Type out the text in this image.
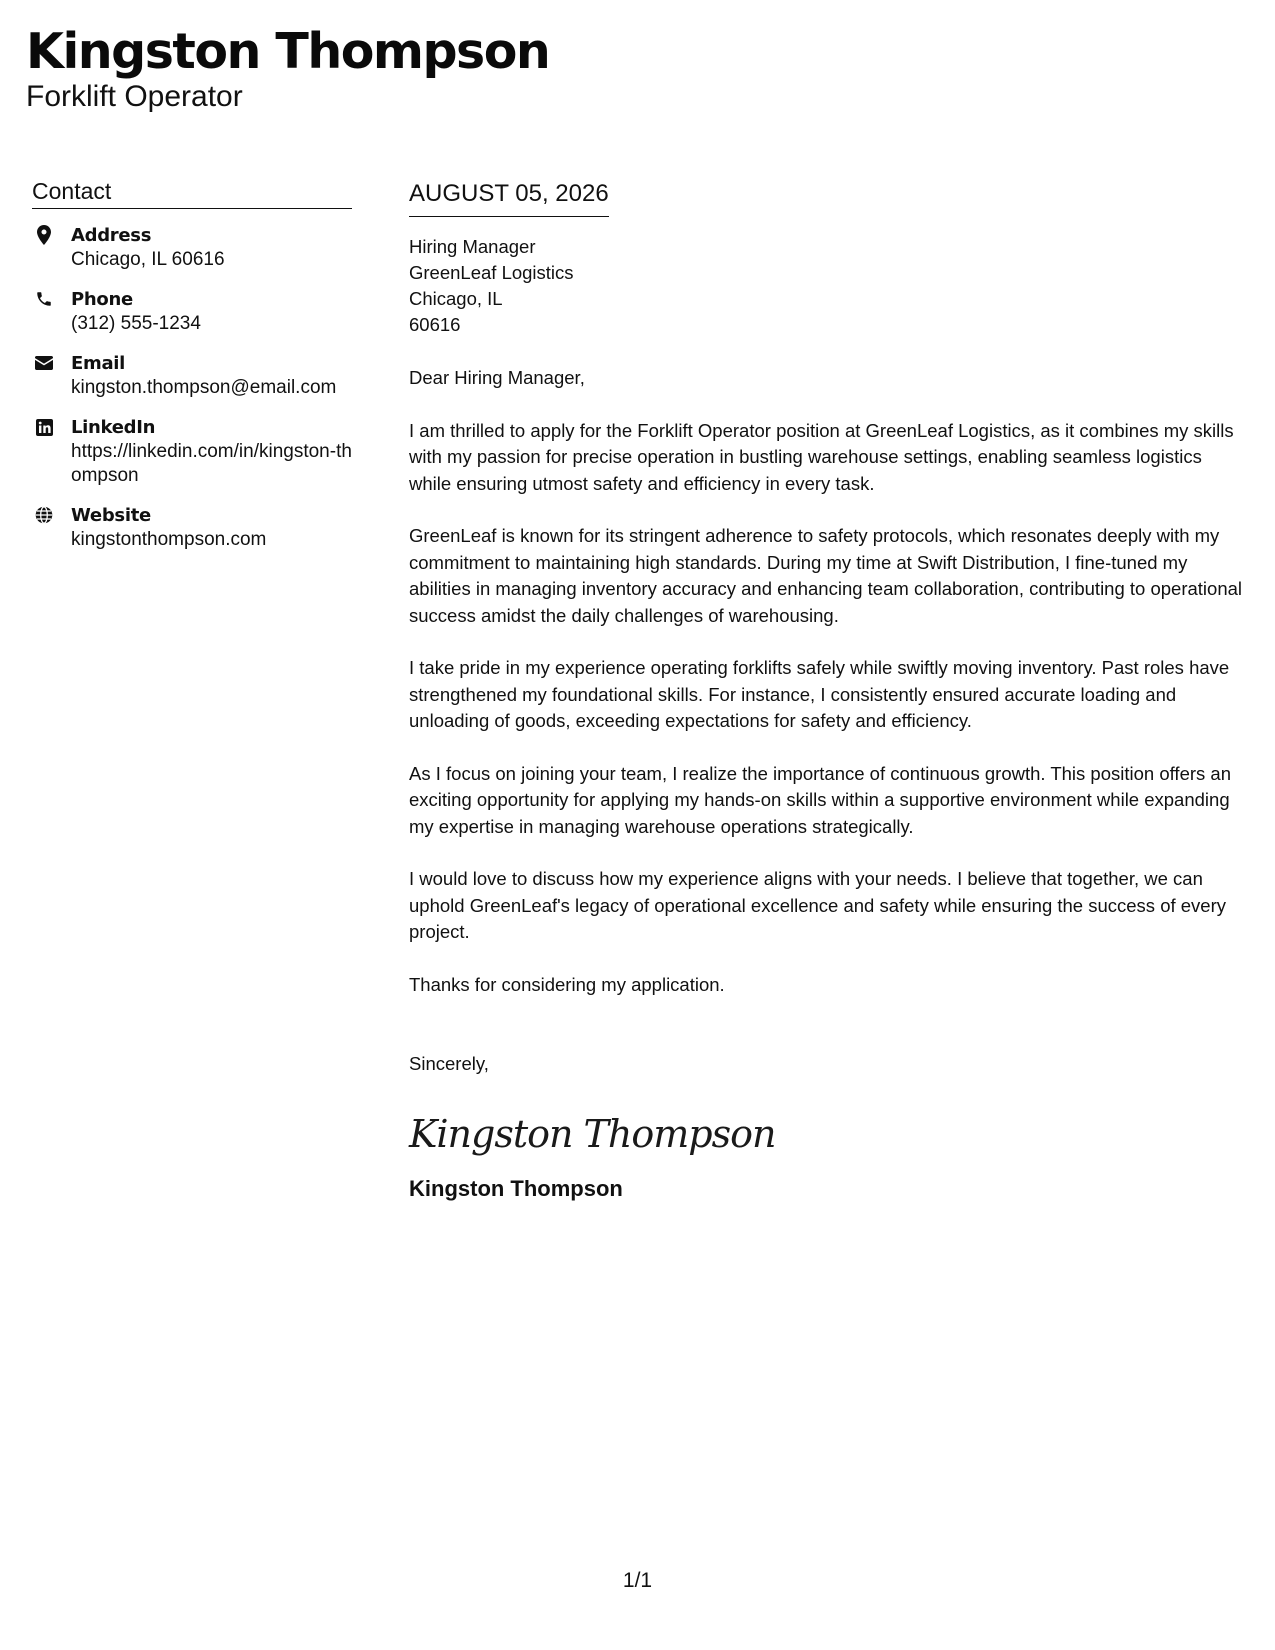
Kingston Thompson
Forklift Operator
Contact
Address
Chicago, IL 60616
Phone
(312) 555-1234
Email
kingston.thompson@email.com
LinkedIn
https://linkedin.com/in/kingston-thompson
Website
kingstonthompson.com
AUGUST 05, 2026
Hiring Manager
GreenLeaf Logistics
Chicago, IL
60616
Dear Hiring Manager,
I am thrilled to apply for the Forklift Operator position at GreenLeaf Logistics, as it combines my skills with my passion for precise operation in bustling warehouse settings, enabling seamless logistics while ensuring utmost safety and efficiency in every task.
GreenLeaf is known for its stringent adherence to safety protocols, which resonates deeply with my commitment to maintaining high standards. During my time at Swift Distribution, I fine-tuned my abilities in managing inventory accuracy and enhancing team collaboration, contributing to operational success amidst the daily challenges of warehousing.
I take pride in my experience operating forklifts safely while swiftly moving inventory. Past roles have strengthened my foundational skills. For instance, I consistently ensured accurate loading and unloading of goods, exceeding expectations for safety and efficiency.
As I focus on joining your team, I realize the importance of continuous growth. This position offers an exciting opportunity for applying my hands-on skills within a supportive environment while expanding my expertise in managing warehouse operations strategically.
I would love to discuss how my experience aligns with your needs. I believe that together, we can uphold GreenLeaf's legacy of operational excellence and safety while ensuring the success of every project.
Thanks for considering my application.
Sincerely,
Kingston Thompson
Kingston Thompson
1/1
